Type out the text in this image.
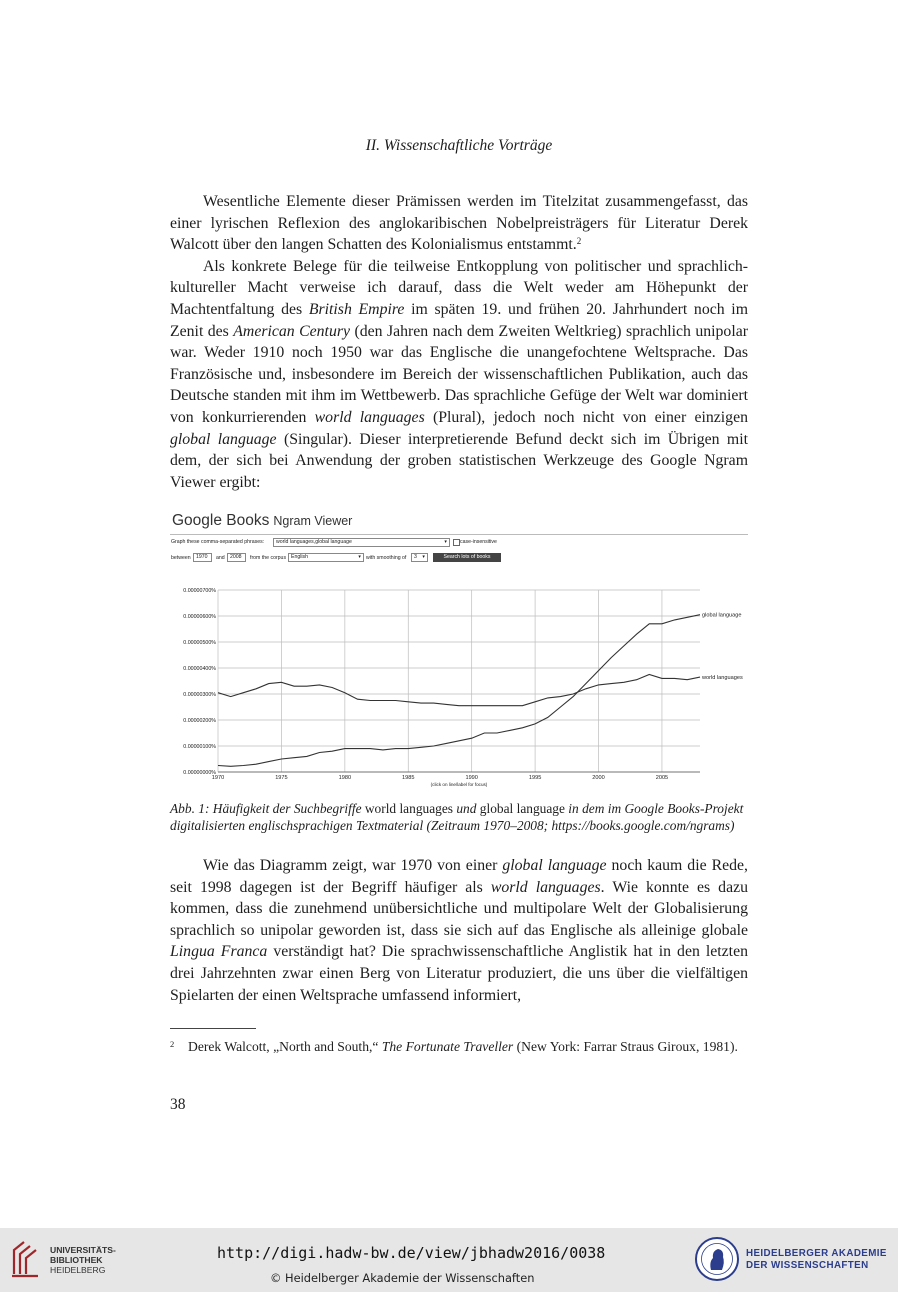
II. Wissenschaftliche Vorträge

Wesentliche Elemente dieser Prämissen werden im Titelzitat zusammengefasst, das einer lyrischen Reflexion des anglokaribischen Nobelpreisträgers für Literatur Derek Walcott über den langen Schatten des Kolonialismus entstammt.$^2$

Als konkrete Belege für die teilweise Entkopplung von politischer und sprachlich-kultureller Macht verweise ich darauf, dass die Welt weder am Höhepunkt der Machtentfaltung des British Empire im späten 19. und frühen 20. Jahrhundert noch im Zenit des American Century (den Jahren nach dem Zweiten Weltkrieg) sprachlich unipolar war. Weder 1910 noch 1950 war das Englische die unangefochtene Weltsprache. Das Französische und, insbesondere im Bereich der wissenschaftlichen Publikation, auch das Deutsche standen mit ihm im Wettbewerb. Das sprachliche Gefüge der Welt war dominiert von konkurrierenden world languages (Plural), jedoch noch nicht von einer einzigen global language (Singular). Dieser interpretierende Befund deckt sich im Übrigen mit dem, der sich bei Anwendung der groben statistischen Werkzeuge des Google Ngram Viewer ergibt:

Google Books Ngram Viewer
Graph these comma-separated phrases:	world languages,global language	▾	case-insensitive
between	1970	and	2008	from the corpus English	▾ with smoothing of	3 ▾	Search lots of books
0.00000000%
0.00000100%
0.00000200%
0.00000300%
0.00000400%
0.00000500%
0.00000600%
0.00000700%
1970	1975	1980	1985	1990	1995	2000	2005
(click on line/label for focus)
world languages
global language
Abb. 1: Häufigkeit der Suchbegriffe world languages und global language in dem im Google Books-Projekt digitalisierten englischsprachigen Textmaterial (Zeitraum 1970–2008; https://books.google.com/ngrams)

Wie das Diagramm zeigt, war 1970 von einer global language noch kaum die Rede, seit 1998 dagegen ist der Begriff häufiger als world languages. Wie konnte es dazu kommen, dass die zunehmend unübersichtliche und multipolare Welt der Globalisierung sprachlich so unipolar geworden ist, dass sie sich auf das Englische als alleinige globale Lingua Franca verständigt hat? Die sprachwissenschaftliche Anglistik hat in den letzten drei Jahrzehnten zwar einen Berg von Literatur produziert, die uns über die vielfältigen Spielarten der einen Weltsprache umfassend informiert,

2 Derek Walcott, „North and South,“ The Fortunate Traveller (New York: Farrar Straus Giroux, 1981).
38
UNIVERSITÄTS-
BIBLIOTHEK
HEIDELBERG
http://digi.hadw-bw.de/view/jbhadw2016/0038
© Heidelberger Akademie der Wissenschaften
HEIDELBERGER AKADEMIE
DER WISSENSCHAFTEN
